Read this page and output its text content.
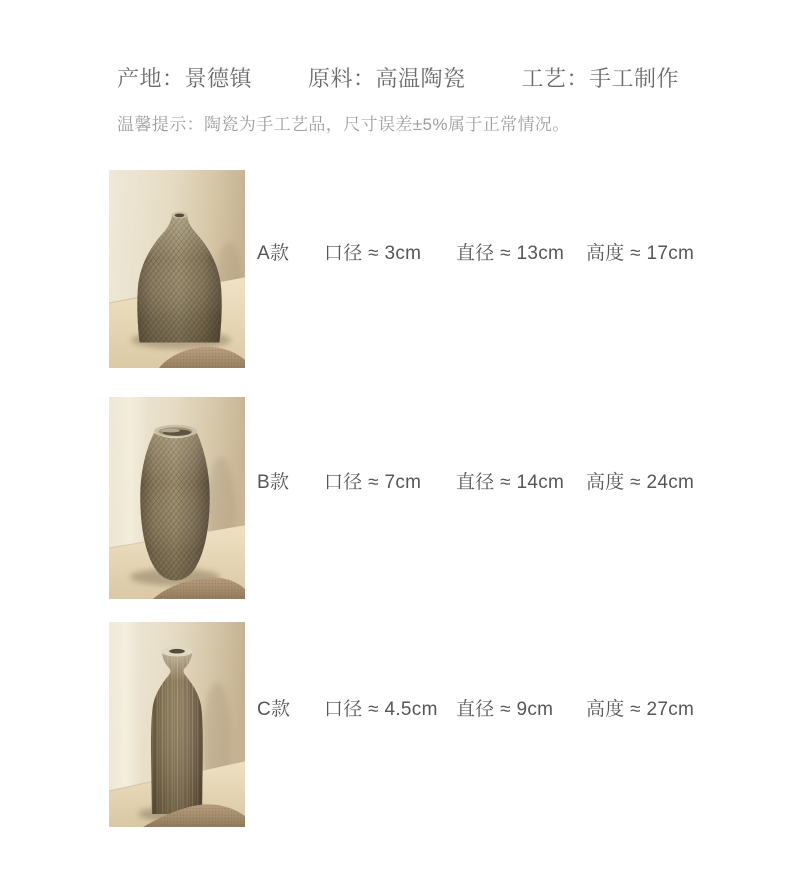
产地：景德镇	原料：高温陶瓷	工艺：手工制作
温馨提示：陶瓷为手工艺品，尺寸误差±5%属于正常情况。
A款	口径 ≈ 3cm	直径 ≈ 13cm	高度 ≈ 17cm
B款	口径 ≈ 7cm	直径 ≈ 14cm	高度 ≈ 24cm
C款	口径 ≈ 4.5cm 直径 ≈ 9cm	高度 ≈ 27cm
